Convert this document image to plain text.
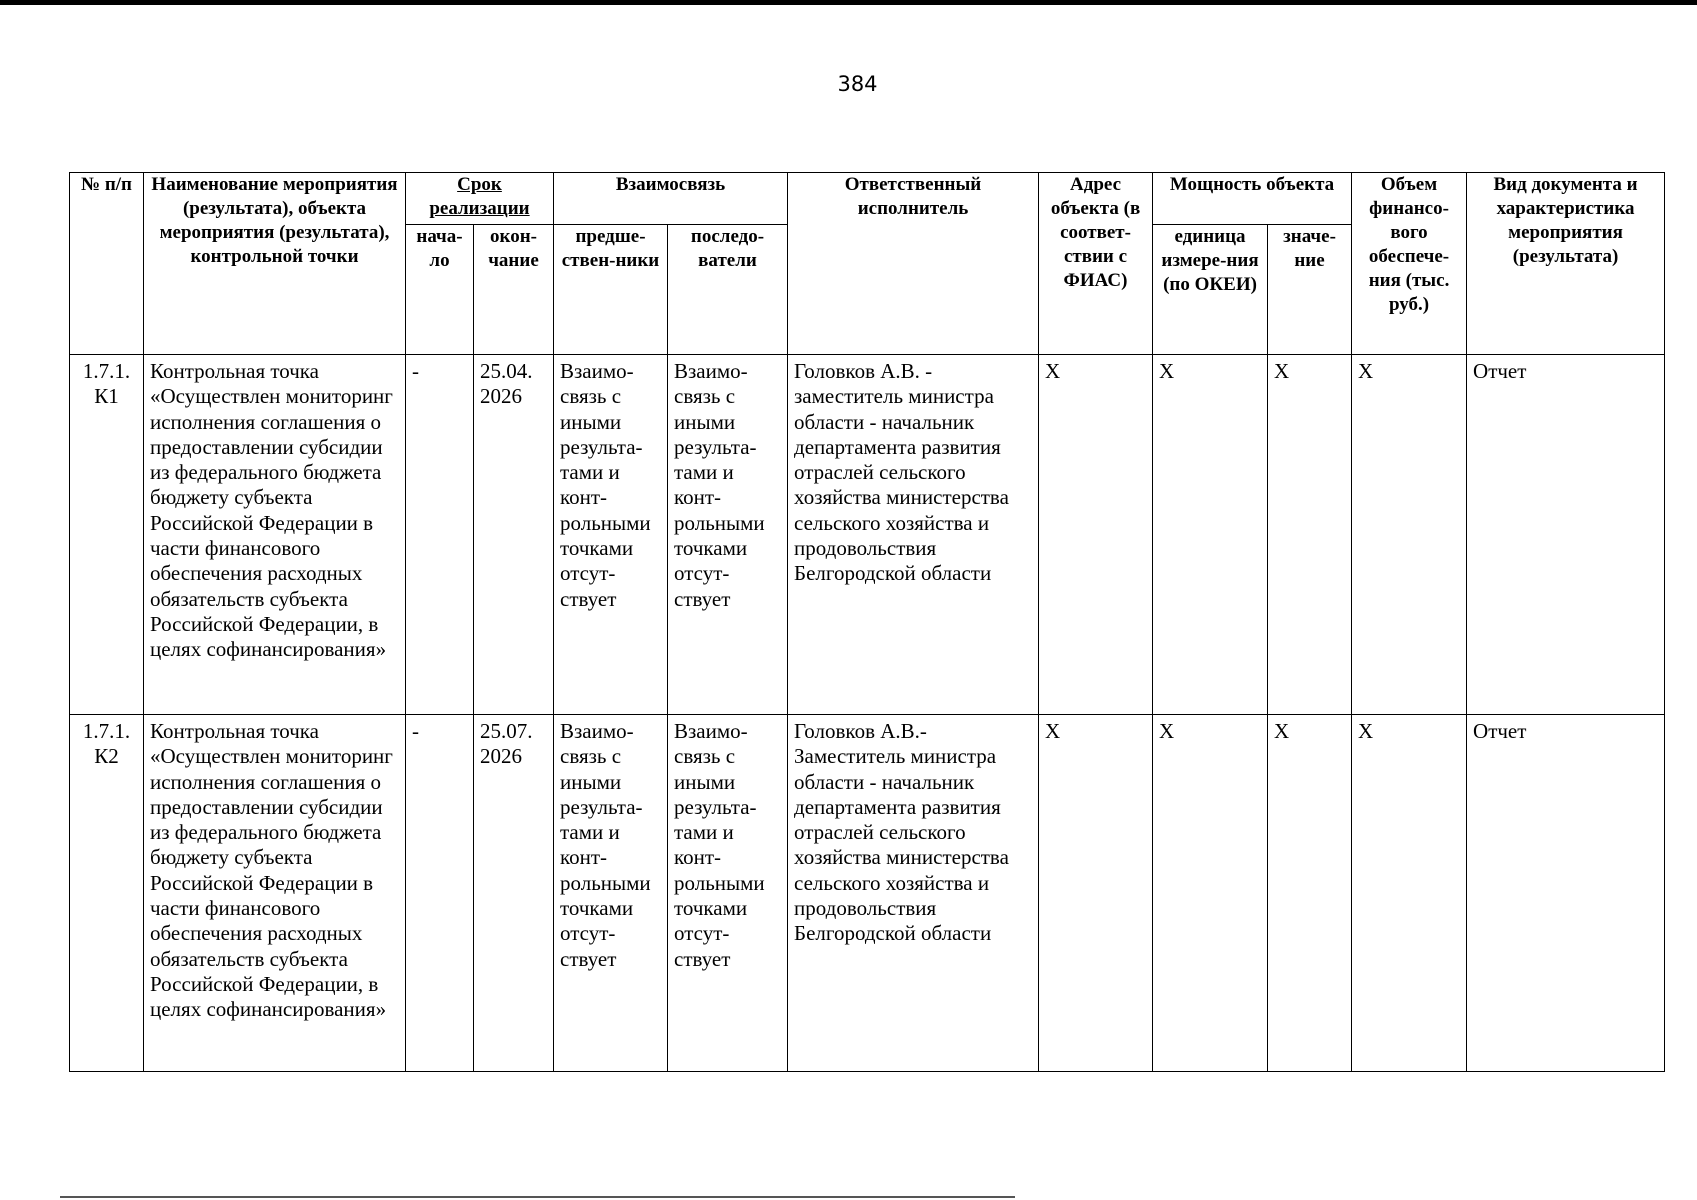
384
№ п/п	Наименование мероприятия (результата), объекта мероприятия (результата), контрольной точки	Срок реализации		Взаимосвязь		Ответственный исполнитель	Адрес объекта (в соответ-ствии с ФИАС)	Мощность объекта		Объем финансо-вого обеспече-ния (тыс. руб.)	Вид документа и характеристика мероприятия (результата)
		нача-ло	окон-чание	предше-ствен-ники	последо-ватели			единица измере-ния (по ОКЕИ)	значе-ние		
1.7.1. К1	Контрольная точка «Осуществлен мониторинг исполнения соглашения о предоставлении субсидии из федерального бюджета бюджету субъекта Российской Федерации в части финансового обеспечения расходных обязательств субъекта Российской Федерации, в целях софинансирования»	-	25.04. 2026	Взаимо-связь с иными результа-тами и конт-рольными точками отсут-ствует	Взаимо-связь с иными результа-тами и конт-рольными точками отсут-ствует	Головков А.В. - заместитель министра области - начальник департамента развития отраслей сельского хозяйства министерства сельского хозяйства и продовольствия Белгородской области	Х	Х	Х	Х	Отчет
1.7.1. К2	Контрольная точка «Осуществлен мониторинг исполнения соглашения о предоставлении субсидии из федерального бюджета бюджету субъекта Российской Федерации в части финансового обеспечения расходных обязательств субъекта Российской Федерации, в целях софинансирования»	-	25.07. 2026	Взаимо-связь с иными результа-тами и конт-рольными точками отсут-ствует	Взаимо-связь с иными результа-тами и конт-рольными точками отсут-ствует	Головков А.В.- Заместитель министра области - начальник департамента развития отраслей сельского хозяйства министерства сельского хозяйства и продовольствия Белгородской области	Х	Х	Х	Х	Отчет
